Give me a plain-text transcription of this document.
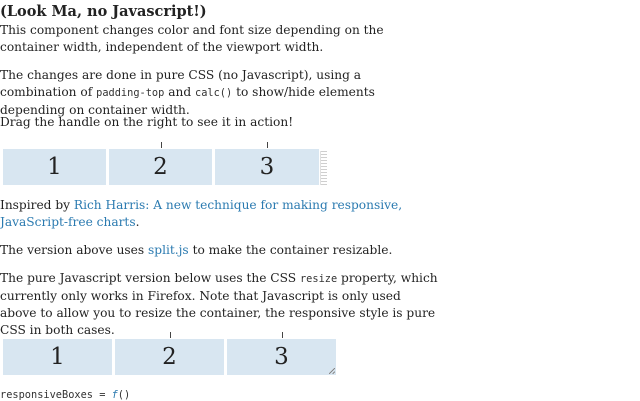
(Look Ma, no Javascript!)

This component changes color and font size depending on the container width, independent of the viewport width.

The changes are done in pure CSS (no Javascript), using a combination of padding-top and calc() to show/hide elements depending on container width.

Drag the handle on the right to see it in action!

1	2	3

Inspired by Rich Harris: A new technique for making responsive, JavaScript-free charts.

The version above uses split.js to make the container resizable.

The pure Javascript version below uses the CSS resize property, which currently only works in Firefox. Note that Javascript is only used above to allow you to resize the container, the responsive style is pure CSS in both cases.

1	2	3
responsiveBoxes = f()
